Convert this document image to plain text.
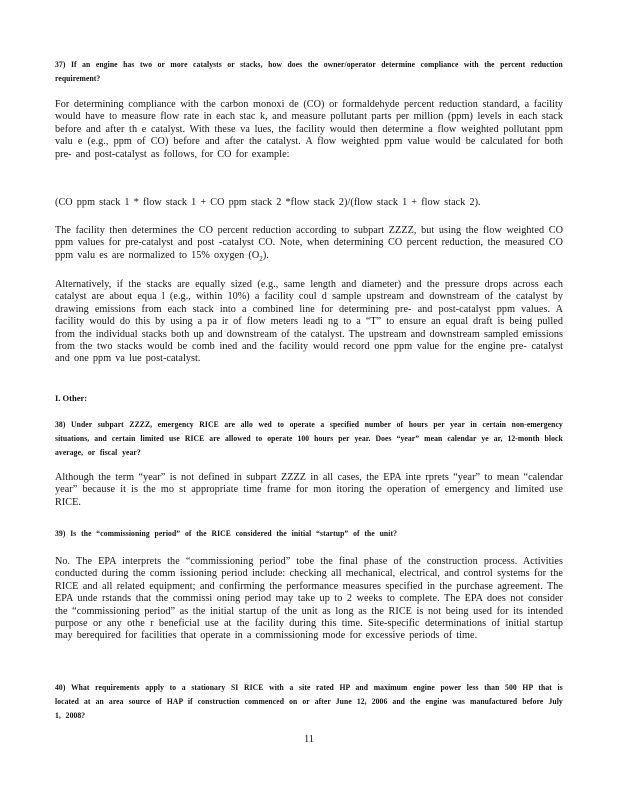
37) If an engine has two or more catalysts or stacks, how does the owner/operator determine compliance with the percent reduction requirement?

For determining compliance with the carbon monoxi de (CO) or formaldehyde percent reduction standard, a facility would have to measure flow rate in each stac k, and measure pollutant parts per million (ppm) levels in each stack before and after th e catalyst. With these va lues, the facility would then determine a flow weighted pollutant ppm valu e (e.g., ppm of CO) before and after the catalyst. A flow weighted ppm value would be calculated for both pre- and post-catalyst as follows, for CO for example:

(CO ppm stack 1 * flow stack 1 + CO ppm stack 2 *flow stack 2)/(flow stack 1 + flow stack 2).

The facility then determines the CO percent reduction according to subpart ZZZZ, but using the flow weighted CO ppm values for pre-catalyst and post -catalyst CO. Note, when determining CO percent reduction, the measured CO ppm valu es are normalized to 15% oxygen $(O_2)$.

Alternatively, if the stacks are equally sized (e.g., same length and diameter) and the pressure drops across each catalyst are about equa l (e.g., within 10%) a facility coul d sample upstream and downstream of the catalyst by drawing emissions from each stack into a combined line for determining pre- and post-catalyst ppm values. A facility would do this by using a pa ir of flow meters leadi ng to a “T” to ensure an equal draft is being pulled from the individual stacks both up and downstream of the catalyst. The upstream and downstream sampled emissions from the two stacks would be comb ined and the facility would record one ppm value for the engine pre- catalyst and one ppm va lue post-catalyst.

I. Other:

38) Under subpart ZZZZ, emergency RICE are allo wed to operate a specified number of hours per year in certain non-emergency situations, and certain limited use RICE are allowed to operate 100 hours per year. Does “year” mean calendar ye ar, 12-month block average, or fiscal year?

Although the term “year” is not defined in subpart ZZZZ in all cases, the EPA inte rprets “year” to mean “calendar year” because it is the mo st appropriate time frame for mon itoring the operation of emergency and limited use RICE.

39) Is the “commissioning period” of the RICE considered the initial “startup” of the unit?

No. The EPA interprets the “commissioning period” tobe the final phase of the construction process. Activities conducted during the comm issioning period include: checking all mechanical, electrical, and control systems for the RICE and all related equipment; and confirming the performance measures specified in the purchase agreement. The EPA unde rstands that the commissi oning period may take up to 2 weeks to complete. The EPA does not consider the “commissioning period” as the initial startup of the unit as long as the RICE is not being used for its intended purpose or any othe r beneficial use at the facility during this time. Site-specific determinations of initial startup may berequired for facilities that operate in a commissioning mode for excessive periods of time.

40) What requirements apply to a stationary SI RICE with a site rated HP and maximum engine power less than 500 HP that is located at an area source of HAP if construction commenced on or after June 12, 2006 and the engine was manufactured before July 1, 2008?

11
